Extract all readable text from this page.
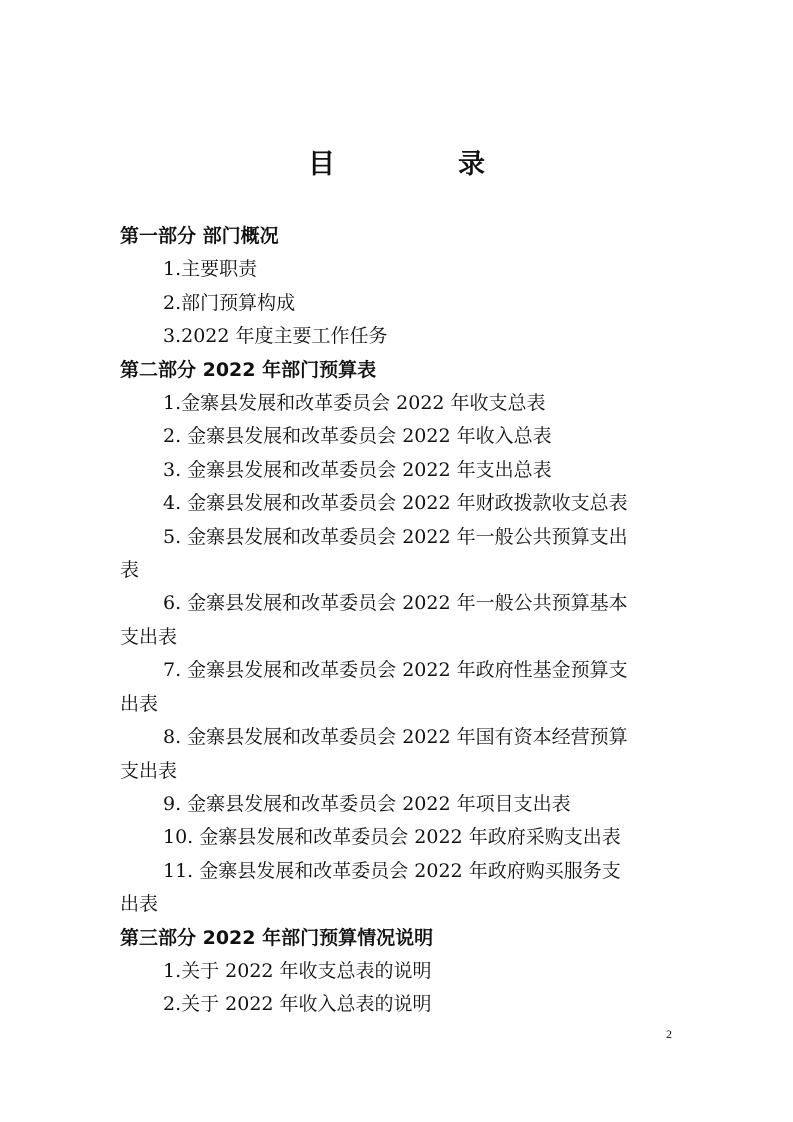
目　录
第一部分 部门概况
1.主要职责
2.部门预算构成
3.2022 年度主要工作任务
第二部分 2022 年部门预算表
1.金寨县发展和改革委员会 2022 年收支总表
2. 金寨县发展和改革委员会 2022 年收入总表
3. 金寨县发展和改革委员会 2022 年支出总表
4. 金寨县发展和改革委员会 2022 年财政拨款收支总表
5. 金寨县发展和改革委员会 2022 年一般公共预算支出
表
6. 金寨县发展和改革委员会 2022 年一般公共预算基本
支出表
7. 金寨县发展和改革委员会 2022 年政府性基金预算支
出表
8. 金寨县发展和改革委员会 2022 年国有资本经营预算
支出表
9. 金寨县发展和改革委员会 2022 年项目支出表
10. 金寨县发展和改革委员会 2022 年政府采购支出表
11. 金寨县发展和改革委员会 2022 年政府购买服务支
出表
第三部分 2022 年部门预算情况说明
1.关于 2022 年收支总表的说明
2.关于 2022 年收入总表的说明
2
